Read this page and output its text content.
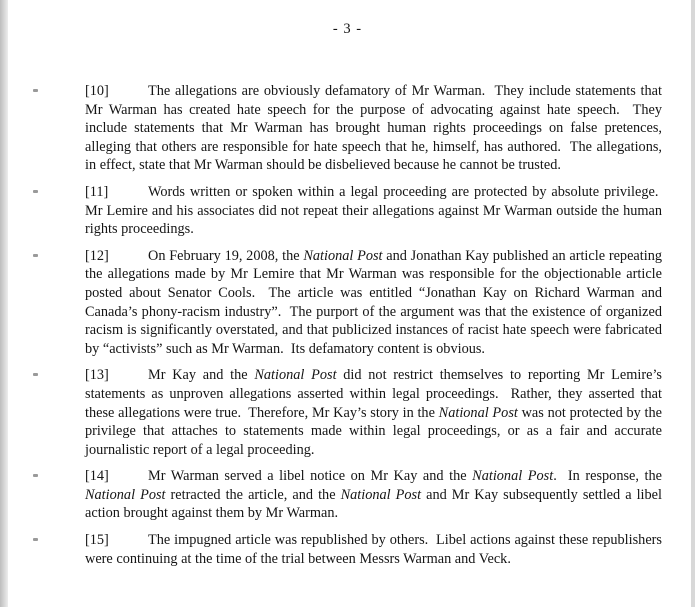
- 3 -
[10]	The allegations are obviously defamatory of Mr Warman.  They include statements that Mr Warman has created hate speech for the purpose of advocating against hate speech.  They include statements that Mr Warman has brought human rights proceedings on false pretences, alleging that others are responsible for hate speech that he, himself, has authored.  The allegations, in effect, state that Mr Warman should be disbelieved because he cannot be trusted.
[11]	Words written or spoken within a legal proceeding are protected by absolute privilege.  Mr Lemire and his associates did not repeat their allegations against Mr Warman outside the human rights proceedings.
[12]	On February 19, 2008, the National Post and Jonathan Kay published an article repeating the allegations made by Mr Lemire that Mr Warman was responsible for the objectionable article posted about Senator Cools.  The article was entitled “Jonathan Kay on Richard Warman and Canada’s phony-racism industry”.  The purport of the argument was that the existence of organized racism is significantly overstated, and that publicized instances of racist hate speech were fabricated by “activists” such as Mr Warman.  Its defamatory content is obvious.
[13]	Mr Kay and the National Post did not restrict themselves to reporting Mr Lemire’s statements as unproven allegations asserted within legal proceedings.  Rather, they asserted that these allegations were true.  Therefore, Mr Kay’s story in the National Post was not protected by the privilege that attaches to statements made within legal proceedings, or as a fair and accurate journalistic report of a legal proceeding.
[14]	Mr Warman served a libel notice on Mr Kay and the National Post.  In response, the National Post retracted the article, and the National Post and Mr Kay subsequently settled a libel action brought against them by Mr Warman.
[15]	The impugned article was republished by others.  Libel actions against these republishers were continuing at the time of the trial between Messrs Warman and Veck.
